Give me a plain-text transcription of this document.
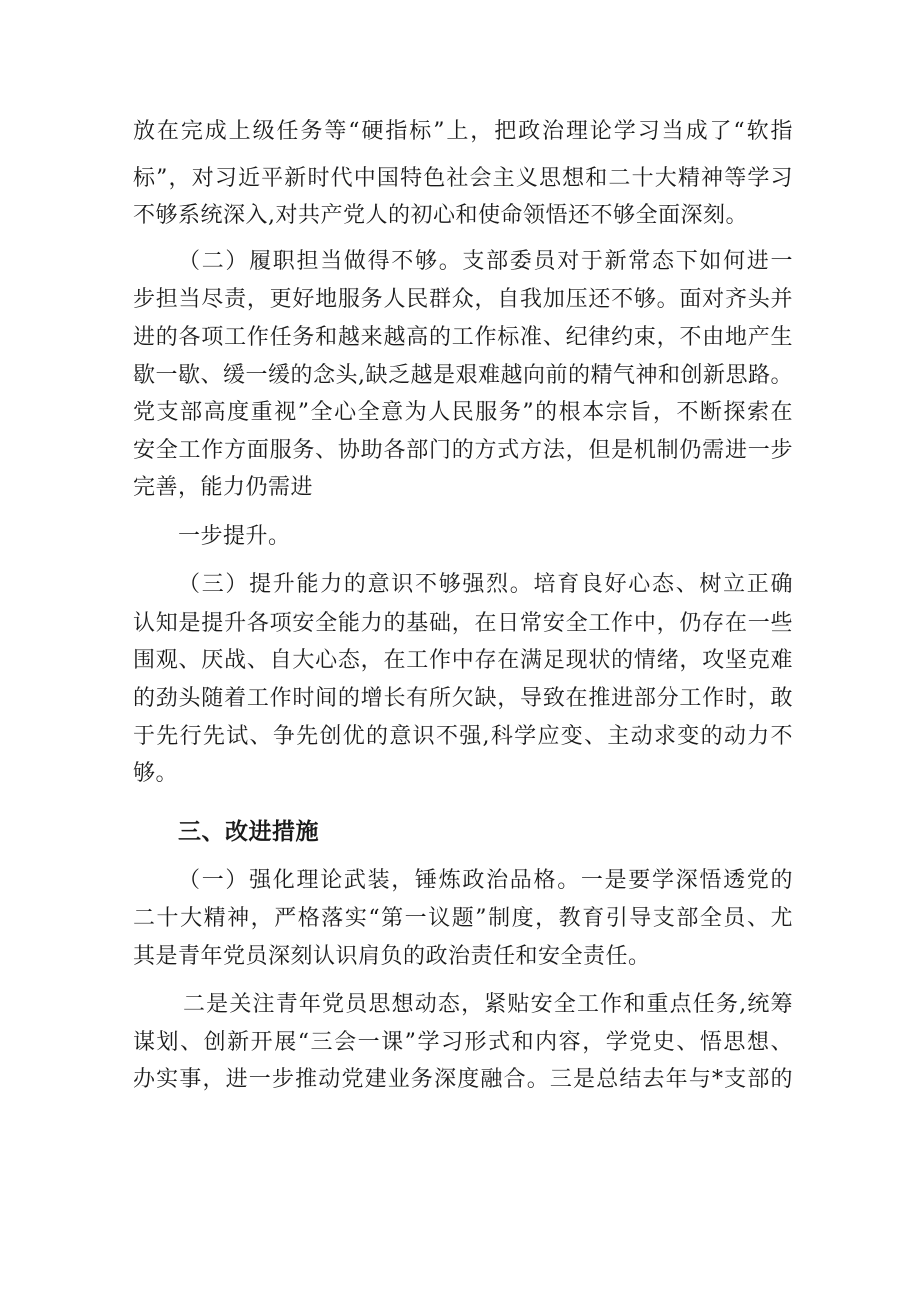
放在完成上级任务等“硬指标”上，把政治理论学习当成了“软指
标”，对习近平新时代中国特色社会主义思想和二十大精神等学习
不够系统深入,对共产党人的初心和使命领悟还不够全面深刻。
（二）履职担当做得不够。支部委员对于新常态下如何进一
步担当尽责，更好地服务人民群众，自我加压还不够。面对齐头并
进的各项工作任务和越来越高的工作标准、纪律约束，不由地产生
歇一歇、缓一缓的念头,缺乏越是艰难越向前的精气神和创新思路。
党支部高度重视”全心全意为人民服务”的根本宗旨，不断探索在
安全工作方面服务、协助各部门的方式方法，但是机制仍需进一步
完善，能力仍需进
一步提升。
（三）提升能力的意识不够强烈。培育良好心态、树立正确
认知是提升各项安全能力的基础，在日常安全工作中，仍存在一些
围观、厌战、自大心态，在工作中存在满足现状的情绪，攻坚克难
的劲头随着工作时间的增长有所欠缺，导致在推进部分工作时，敢
于先行先试、争先创优的意识不强,科学应变、主动求变的动力不
够。
三、改进措施
（一）强化理论武装，锤炼政治品格。一是要学深悟透党的
二十大精神，严格落实“第一议题”制度，教育引导支部全员、尤
其是青年党员深刻认识肩负的政治责任和安全责任。
二是关注青年党员思想动态，紧贴安全工作和重点任务,统筹
谋划、创新开展“三会一课”学习形式和内容，学党史、悟思想、
办实事，进一步推动党建业务深度融合。三是总结去年与*支部的
